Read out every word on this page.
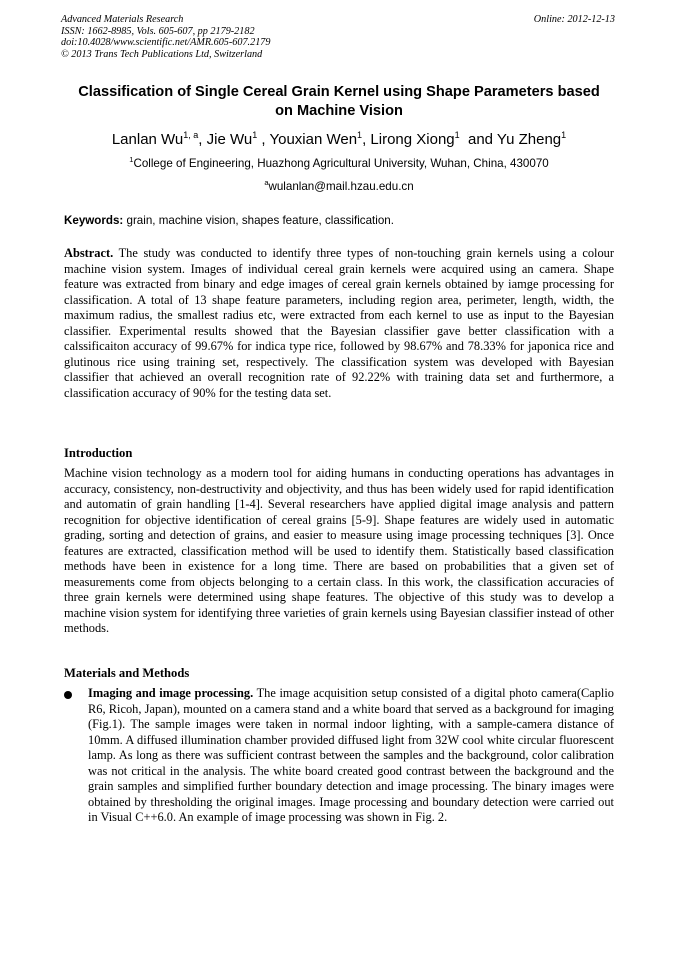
Advanced Materials Research
ISSN: 1662-8985, Vols. 605-607, pp 2179-2182
doi:10.4028/www.scientific.net/AMR.605-607.2179
© 2013 Trans Tech Publications Ltd, Switzerland
Online: 2012-12-13
Classification of Single Cereal Grain Kernel using Shape Parameters based on Machine Vision
Lanlan Wu$^{1, a}$, Jie Wu$^1$ , Youxian Wen$^1$, Lirong Xiong$^1$  and Yu Zheng$^1$
$^1$College of Engineering, Huazhong Agricultural University, Wuhan, China, 430070
$^a$wulanlan@mail.hzau.edu.cn
Keywords: grain, machine vision, shapes feature, classification.
Abstract. The study was conducted to identify three types of non-touching grain kernels using a colour machine vision system. Images of individual cereal grain kernels were acquired using an camera. Shape feature was extracted from binary and edge images of cereal grain kernels obtained by iamge processing for classification. A total of 13 shape feature parameters, including region area, perimeter, length, width, the maximum radius, the smallest radius etc, were extracted from each kernel to use as input to the Bayesian classifier. Experimental results showed that the Bayesian classifier gave better classification with a calssificaiton accuracy of 99.67% for indica type rice, followed by 98.67% and 78.33% for japonica rice and glutinous rice using training set, respectively. The classification system was developed with Bayesian classifier that achieved an overall recognition rate of 92.22% with training data set and furthermore, a classification accuracy of 90% for the testing data set.
Introduction
Machine vision technology as a modern tool for aiding humans in conducting operations has advantages in accuracy, consistency, non-destructivity and objectivity, and thus has been widely used for rapid identification and automatin of grain handling [1-4]. Several researchers have applied digital image analysis and pattern recognition for objective identification of cereal grains [5-9]. Shape features are widely used in automatic grading, sorting and detection of grains, and easier to measure using image processing techniques [3]. Once features are extracted, classification method will be used to identify them. Statistically based classification methods have been in existence for a long time. There are based on probabilities that a given set of measurements come from objects belonging to a certain class. In this work, the classification accuracies of three grain kernels were determined using shape features. The objective of this study was to develop a machine vision system for identifying three varieties of grain kernels using Bayesian classifier instead of other methods.
Materials and Methods
Imaging and image processing. The image acquisition setup consisted of a digital photo camera(Caplio R6, Ricoh, Japan), mounted on a camera stand and a white board that served as a background for imaging (Fig.1). The sample images were taken in normal indoor lighting, with a sample-camera distance of 10mm. A diffused illumination chamber provided diffused light from 32W cool white circular fluorescent lamp. As long as there was sufficient contrast between the samples and the background, color calibration was not critical in the analysis. The white board created good contrast between the background and the grain samples and simplified further boundary detection and image processing. The binary images were obtained by thresholding the original images. Image processing and boundary detection were carried out in Visual C++6.0. An example of image processing was shown in Fig. 2.
